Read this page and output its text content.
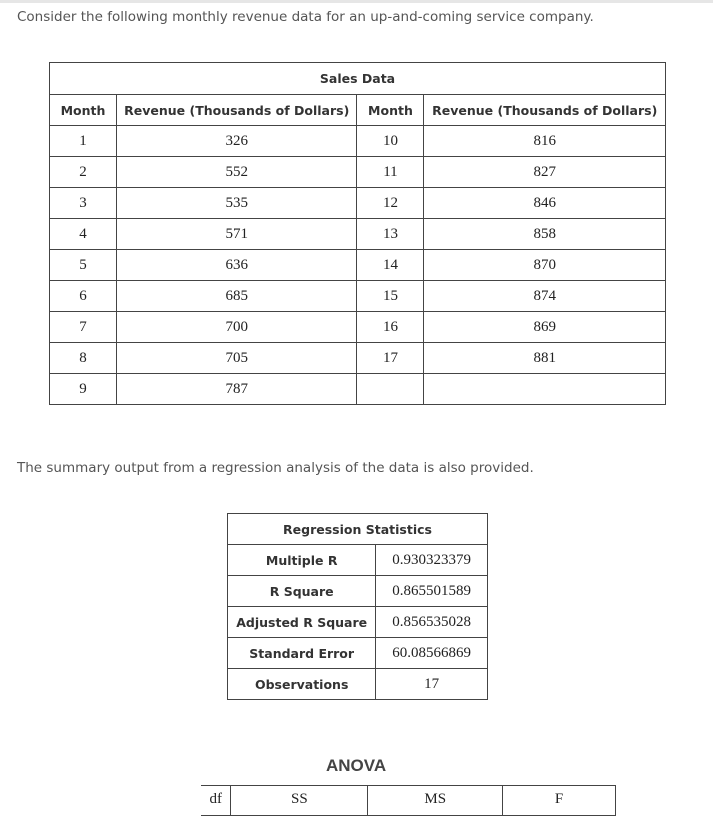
Consider the following monthly revenue data for an up-and-coming service company.

Sales Data			
Month	Revenue (Thousands of Dollars)	Month	Revenue (Thousands of Dollars)
1	326	10	816
2	552	11	827
3	535	12	846
4	571	13	858
5	636	14	870
6	685	15	874
7	700	16	869
8	705	17	881
9	787		

The summary output from a regression analysis of the data is also provided.

Regression Statistics	
Multiple R	0.930323379
R Square	0.865501589
Adjusted R Square	0.856535028
Standard Error	60.08566869
Observations	17

ANOVA

df	SS	MS	F
